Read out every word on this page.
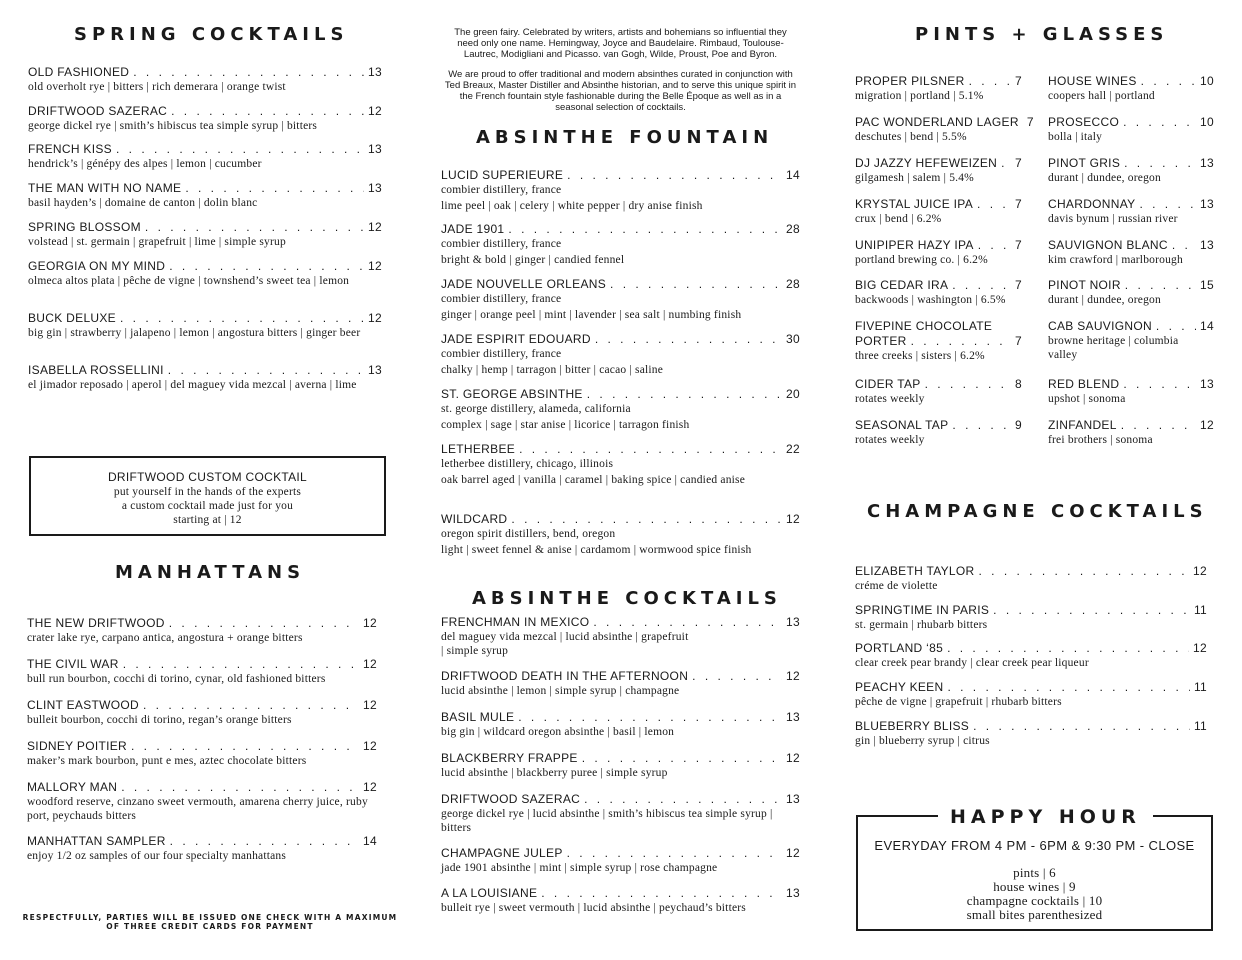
SPRING COCKTAILS
OLD FASHIONED . . .	13
old overholt rye | bitters | rich demerara | orange twist
DRIFTWOOD SAZERAC . . .	12
george dickel rye | smith’s hibiscus tea simple syrup | bitters
FRENCH KISS . . .	13
hendrick’s | génépy des alpes | lemon | cucumber
THE MAN WITH NO NAME . . .	13
basil hayden’s | domaine de canton | dolin blanc
SPRING BLOSSOM . . .	12
volstead | st. germain | grapefruit | lime | simple syrup
GEORGIA ON MY MIND . . .	12
olmeca altos plata | pêche de vigne | townshend’s sweet tea | lemon
BUCK DELUXE . . .	12
big gin | strawberry | jalapeno | lemon | angostura bitters | ginger beer
ISABELLA ROSSELLINI . . .	13
el jimador reposado | aperol | del maguey vida mezcal | averna | lime
DRIFTWOOD CUSTOM COCKTAIL
put yourself in the hands of the experts
a custom cocktail made just for you
starting at | 12
MANHATTANS
THE NEW DRIFTWOOD . . .	12
crater lake rye, carpano antica, angostura + orange bitters
THE CIVIL WAR . . .	12
bull run bourbon, cocchi di torino, cynar, old fashioned bitters
CLINT EASTWOOD . . .	12
bulleit bourbon, cocchi di torino, regan’s orange bitters
SIDNEY POITIER . . .	12
maker’s mark bourbon, punt e mes, aztec chocolate bitters
MALLORY MAN . . .	12
woodford reserve, cinzano sweet vermouth, amarena cherry juice, ruby port, peychauds bitters
MANHATTAN SAMPLER . . .	14
enjoy 1/2 oz samples of our four specialty manhattans
RESPECTFULLY, PARTIES WILL BE ISSUED ONE CHECK WITH A MAXIMUM
OF THREE CREDIT CARDS FOR PAYMENT
The green fairy. Celebrated by writers, artists and bohemians so influential they need only one name. Hemingway, Joyce and Baudelaire. Rimbaud, Toulouse-Lautrec, Modigliani and Picasso. van Gogh, Wilde, Proust, Poe and Byron.
We are proud to offer traditional and modern absinthes curated in conjunction with Ted Breaux, Master Distiller and Absinthe historian, and to serve this unique spirit in the French fountain style fashionable during the Belle Époque as well as in a seasonal selection of cocktails.
ABSINTHE FOUNTAIN
LUCID SUPERIEURE . . .	14
combier distillery, france
lime peel | oak | celery | white pepper | dry anise finish
JADE 1901 . . .	28
combier distillery, france
bright & bold | ginger | candied fennel
JADE NOUVELLE ORLEANS . . .	28
combier distillery, france
ginger | orange peel | mint | lavender | sea salt | numbing finish
JADE ESPIRIT EDOUARD . . .	30
combier distillery, france
chalky | hemp | tarragon | bitter | cacao | saline
ST. GEORGE ABSINTHE . . .	20
st. george distillery, alameda, california
complex | sage | star anise | licorice | tarragon finish
LETHERBEE . . .	22
letherbee distillery, chicago, illinois
oak barrel aged | vanilla | caramel | baking spice | candied anise
WILDCARD . . .	12
oregon spirit distillers, bend, oregon
light | sweet fennel & anise | cardamom | wormwood spice finish
ABSINTHE COCKTAILS
FRENCHMAN IN MEXICO . . .	13
del maguey vida mezcal | lucid absinthe | grapefruit | simple syrup
DRIFTWOOD DEATH IN THE AFTERNOON . . .	12
lucid absinthe | lemon | simple syrup | champagne
BASIL MULE . . .	13
big gin | wildcard oregon absinthe | basil | lemon
BLACKBERRY FRAPPE . . .	12
lucid absinthe | blackberry puree | simple syrup
DRIFTWOOD SAZERAC . . .	13
george dickel rye | lucid absinthe | smith’s hibiscus tea simple syrup | bitters
CHAMPAGNE JULEP . . .	12
jade 1901 absinthe | mint | simple syrup | rose champagne
A LA LOUISIANE . . .	13
bulleit rye | sweet vermouth | lucid absinthe | peychaud’s bitters
PINTS + GLASSES
PROPER PILSNER . . .	7
migration | portland | 5.1%
PAC WONDERLAND LAGER 7
deschutes | bend | 5.5%
DJ JAZZY HEFEWEIZEN . . . 7
gilgamesh | salem | 5.4%
KRYSTAL JUICE IPA . . .	7
crux | bend | 6.2%
UNIPIPER HAZY IPA . . .	7
portland brewing co. | 6.2%
BIG CEDAR IRA . . .	7
backwoods | washington | 6.5%
FIVEPINE CHOCOLATE
PORTER . . .	7
three creeks | sisters | 6.2%
CIDER TAP . . .	8
rotates weekly
SEASONAL TAP . . .	9
rotates weekly
HOUSE WINES . . .	10
coopers hall | portland
PROSECCO . . .	10
bolla | italy
PINOT GRIS . . .	13
durant | dundee, oregon
CHARDONNAY . . .	13
davis bynum | russian river
SAUVIGNON BLANC . . .	13
kim crawford | marlborough
PINOT NOIR . . .	15
durant | dundee, oregon
CAB SAUVIGNON . . .	14
browne heritage | columbia valley
RED BLEND . . .	13
upshot | sonoma
ZINFANDEL . . .	12
frei brothers | sonoma
CHAMPAGNE COCKTAILS
ELIZABETH TAYLOR . . .	12
créme de violette
SPRINGTIME IN PARIS . . .	11
st. germain | rhubarb bitters
PORTLAND ‘85 . . .	12
clear creek pear brandy | clear creek pear liqueur
PEACHY KEEN . . .	11
pêche de vigne | grapefruit | rhubarb bitters
BLUEBERRY BLISS . . .	11
gin | blueberry syrup | citrus
HAPPY HOUR
EVERYDAY FROM 4 PM - 6PM & 9:30 PM - CLOSE
pints | 6
house wines | 9
champagne cocktails | 10
small bites parenthesized
